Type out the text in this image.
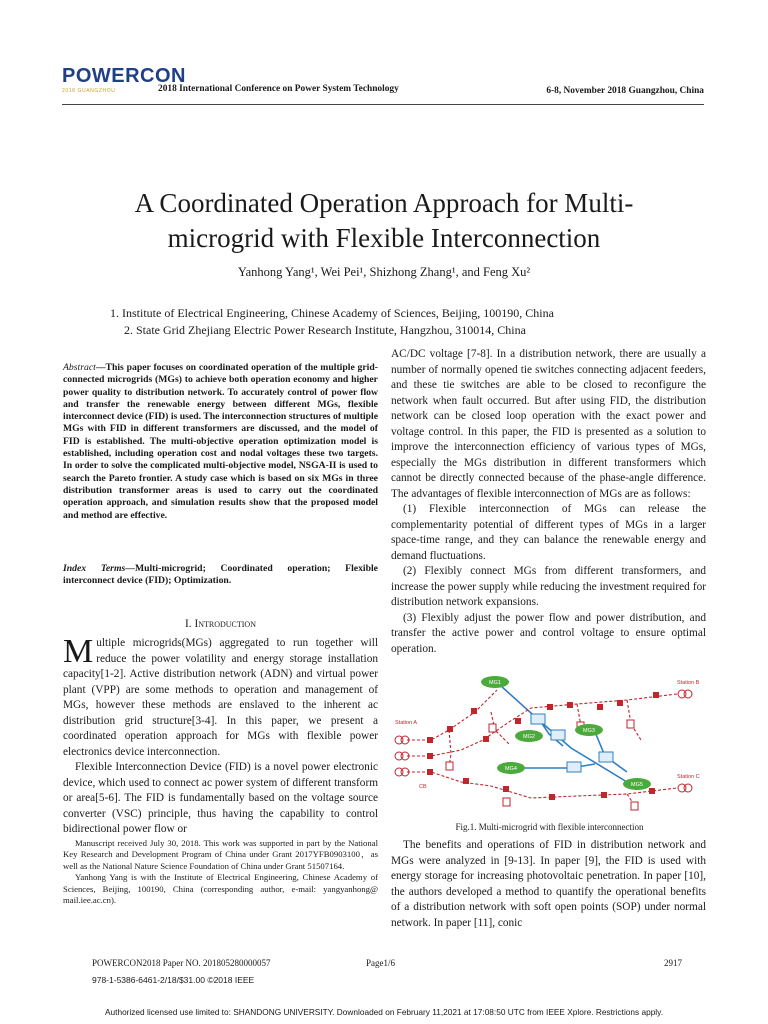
POWERCON
2018 GUANGZHOU	2018 International Conference on Power System Technology	6-8, November 2018 Guangzhou, China
A Coordinated Operation Approach for Multi-
microgrid with Flexible Interconnection
Yanhong Yang¹, Wei Pei¹, Shizhong Zhang¹, and Feng Xu²
1. Institute of Electrical Engineering, Chinese Academy of Sciences, Beijing, 100190, China
2. State Grid Zhejiang Electric Power Research Institute, Hangzhou, 310014, China
Abstract—This paper focuses on coordinated operation of the multiple grid-connected microgrids (MGs) to achieve both operation economy and higher power quality to distribution network. To accurately control of power flow and transfer the renewable energy between different MGs, flexible interconnect device (FID) is used. The interconnection structures of multiple MGs with FID in different transformers are discussed, and the model of FID is established. The multi-objective operation optimization model is established, including operation cost and nodal voltages these two targets. In order to solve the complicated multi-objective model, NSGA-II is used to search the Pareto frontier. A study case which is based on six MGs in three distribution transformer areas is used to carry out the coordinated operation approach, and simulation results show that the proposed model and method are effective.
Index Terms—Multi-microgrid; Coordinated operation; Flexible interconnect device (FID); Optimization.
I. Introduction

Multiple microgrids(MGs) aggregated to run together will reduce the power volatility and energy storage installation capacity[1-2]. Active distribution network (ADN) and virtual power plant (VPP) are some methods to operation and management of MGs, however these methods are enslaved to the inherent ac distribution grid structure[3-4]. In this paper, we present a coordinated operation approach for MGs with flexible power electronics device interconnection.

Flexible Interconnection Device (FID) is a novel power electronic device, which used to connect ac power system of different transform or area[5-6]. The FID is fundamentally based on the voltage source converter (VSC) principle, thus having the capability to control bidirectional power flow or

Manuscript received July 30, 2018. This work was supported in part by the National Key Research and Development Program of China under Grant 2017YFB0903100，as well as the National Nature Science Foundation of China under Grant 51507164.

Yanhong Yang is with the Institute of Electrical Engineering, Chinese Academy of Sciences, Beijing, 100190, China (corresponding author, e-mail: yangyanhong@ mail.iee.ac.cn).

AC/DC voltage [7-8]. In a distribution network, there are usually a number of normally opened tie switches connecting adjacent feeders, and these tie switches are able to be closed to reconfigure the network when fault occurred. But after using FID, the distribution network can be closed loop operation with the exact power and voltage control. In this paper, the FID is presented as a solution to improve the interconnection efficiency of various types of MGs, especially the MGs distribution in different transformers which cannot be directly connected because of the phase-angle difference. The advantages of flexible interconnection of MGs are as follows:

(1) Flexible interconnection of MGs can release the complementarity potential of different types of MGs in a larger space-time range, and they can balance the renewable energy and demand fluctuations.

(2) Flexibly connect MGs from different transformers, and increase the power supply while reducing the investment required for distribution network expansions.

(3) Flexibly adjust the power flow and power distribution, and transfer the active power and control voltage to ensure optimal operation.

MG1
MG2
MG3
MG4
MG5
Station A
Station B
Station C
CB
Fig.1. Multi-microgrid with flexible interconnection

The benefits and operations of FID in distribution network and MGs were analyzed in [9-13]. In paper [9], the FID is used with energy storage for increasing photovoltaic penetration. In paper [10], the authors developed a method to quantify the operational benefits of a distribution network with soft open points (SOP) under normal network. In paper [11], conic

POWERCON2018 Paper NO. 201805280000057	Page1/6	2917
978-1-5386-6461-2/18/$31.00 ©2018 IEEE
Authorized licensed use limited to: SHANDONG UNIVERSITY. Downloaded on February 11,2021 at 17:08:50 UTC from IEEE Xplore. Restrictions apply.
